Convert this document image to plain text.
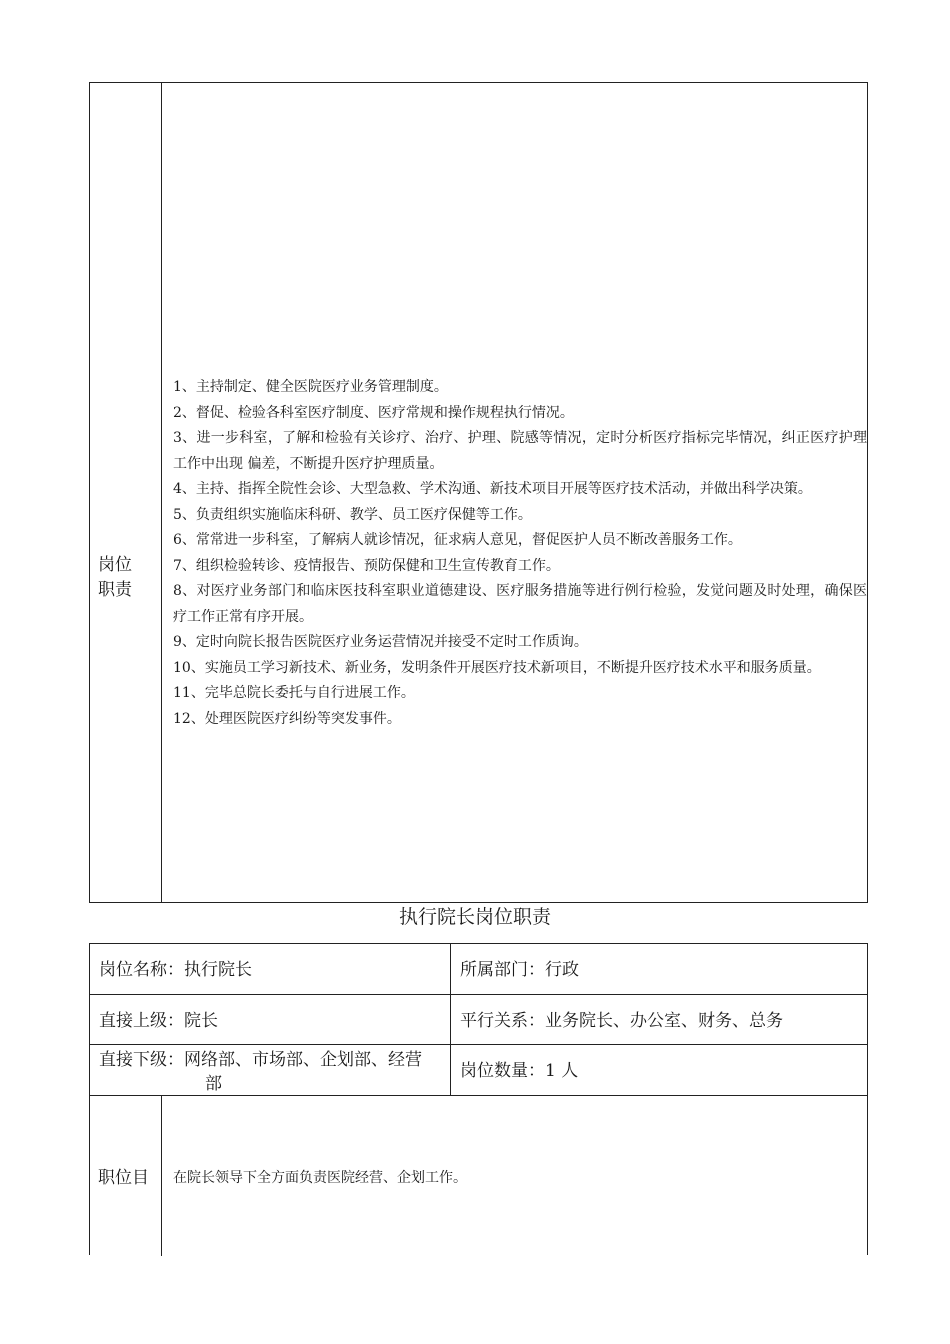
岗位
职责

1、主持制定、健全医院医疗业务管理制度。

2、督促、检验各科室医疗制度、医疗常规和操作规程执行情况。

3、进一步科室，了解和检验有关诊疗、治疗、护理、院感等情况，定时分析医疗指标完毕情况，纠正医疗护理工作中出现 偏差，不断提升医疗护理质量。

4、主持、指挥全院性会诊、大型急救、学术沟通、新技术项目开展等医疗技术活动，并做出科学决策。

5、负责组织实施临床科研、教学、员工医疗保健等工作。

6、常常进一步科室，了解病人就诊情况，征求病人意见，督促医护人员不断改善服务工作。

7、组织检验转诊、疫情报告、预防保健和卫生宣传教育工作。

8、对医疗业务部门和临床医技科室职业道德建设、医疗服务措施等进行例行检验，发觉问题及时处理，确保医疗工作正常有序开展。

9、定时向院长报告医院医疗业务运营情况并接受不定时工作质询。

10、实施员工学习新技术、新业务，发明条件开展医疗技术新项目，不断提升医疗技术水平和服务质量。

11、完毕总院长委托与自行进展工作。

12、处理医院医疗纠纷等突发事件。

执行院长岗位职责
岗位名称：执行院长	所属部门：行政
直接上级：院长	平行关系：业务院长、办公室、财务、总务
直接下级：网络部、市场部、企划部、经营
部
岗位数量：1 人
职位目 在院长领导下全方面负责医院经营、企划工作。
